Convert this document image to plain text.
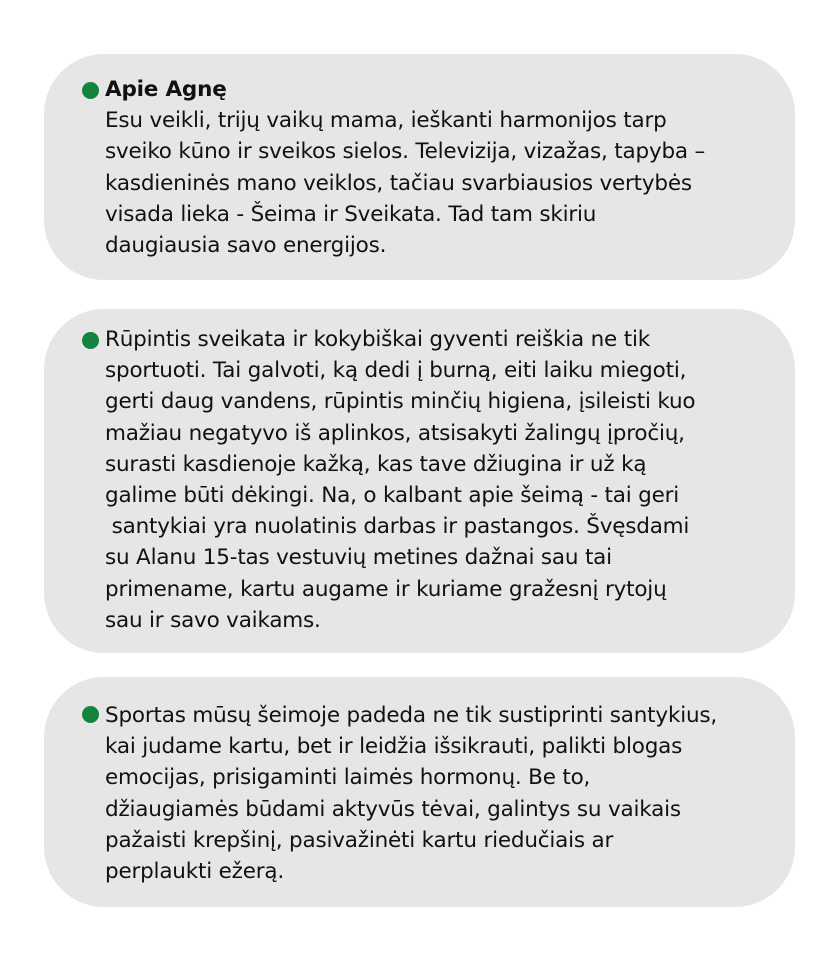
Apie Agnę
Esu veikli, trijų vaikų mama, ieškanti harmonijos tarp
sveiko kūno ir sveikos sielos. Televizija, vizažas, tapyba –
kasdieninės mano veiklos, tačiau svarbiausios vertybės
visada lieka - Šeima ir Sveikata. Tad tam skiriu
daugiausia savo energijos.
Rūpintis sveikata ir kokybiškai gyventi reiškia ne tik
sportuoti. Tai galvoti, ką dedi į burną, eiti laiku miegoti,
gerti daug vandens, rūpintis minčių higiena, įsileisti kuo
mažiau negatyvo iš aplinkos, atsisakyti žalingų įpročių,
surasti kasdienoje kažką, kas tave džiugina ir už ką
galime būti dėkingi. Na, o kalbant apie šeimą - tai geri
santykiai yra nuolatinis darbas ir pastangos. Švęsdami
su Alanu 15-tas vestuvių metines dažnai sau tai
primename, kartu augame ir kuriame gražesnį rytojų
sau ir savo vaikams.
Sportas mūsų šeimoje padeda ne tik sustiprinti santykius,
kai judame kartu, bet ir leidžia išsikrauti, palikti blogas
emocijas, prisigaminti laimės hormonų. Be to,
džiaugiamės būdami aktyvūs tėvai, galintys su vaikais
pažaisti krepšinį, pasivažinėti kartu riedučiais ar
perplaukti ežerą.
